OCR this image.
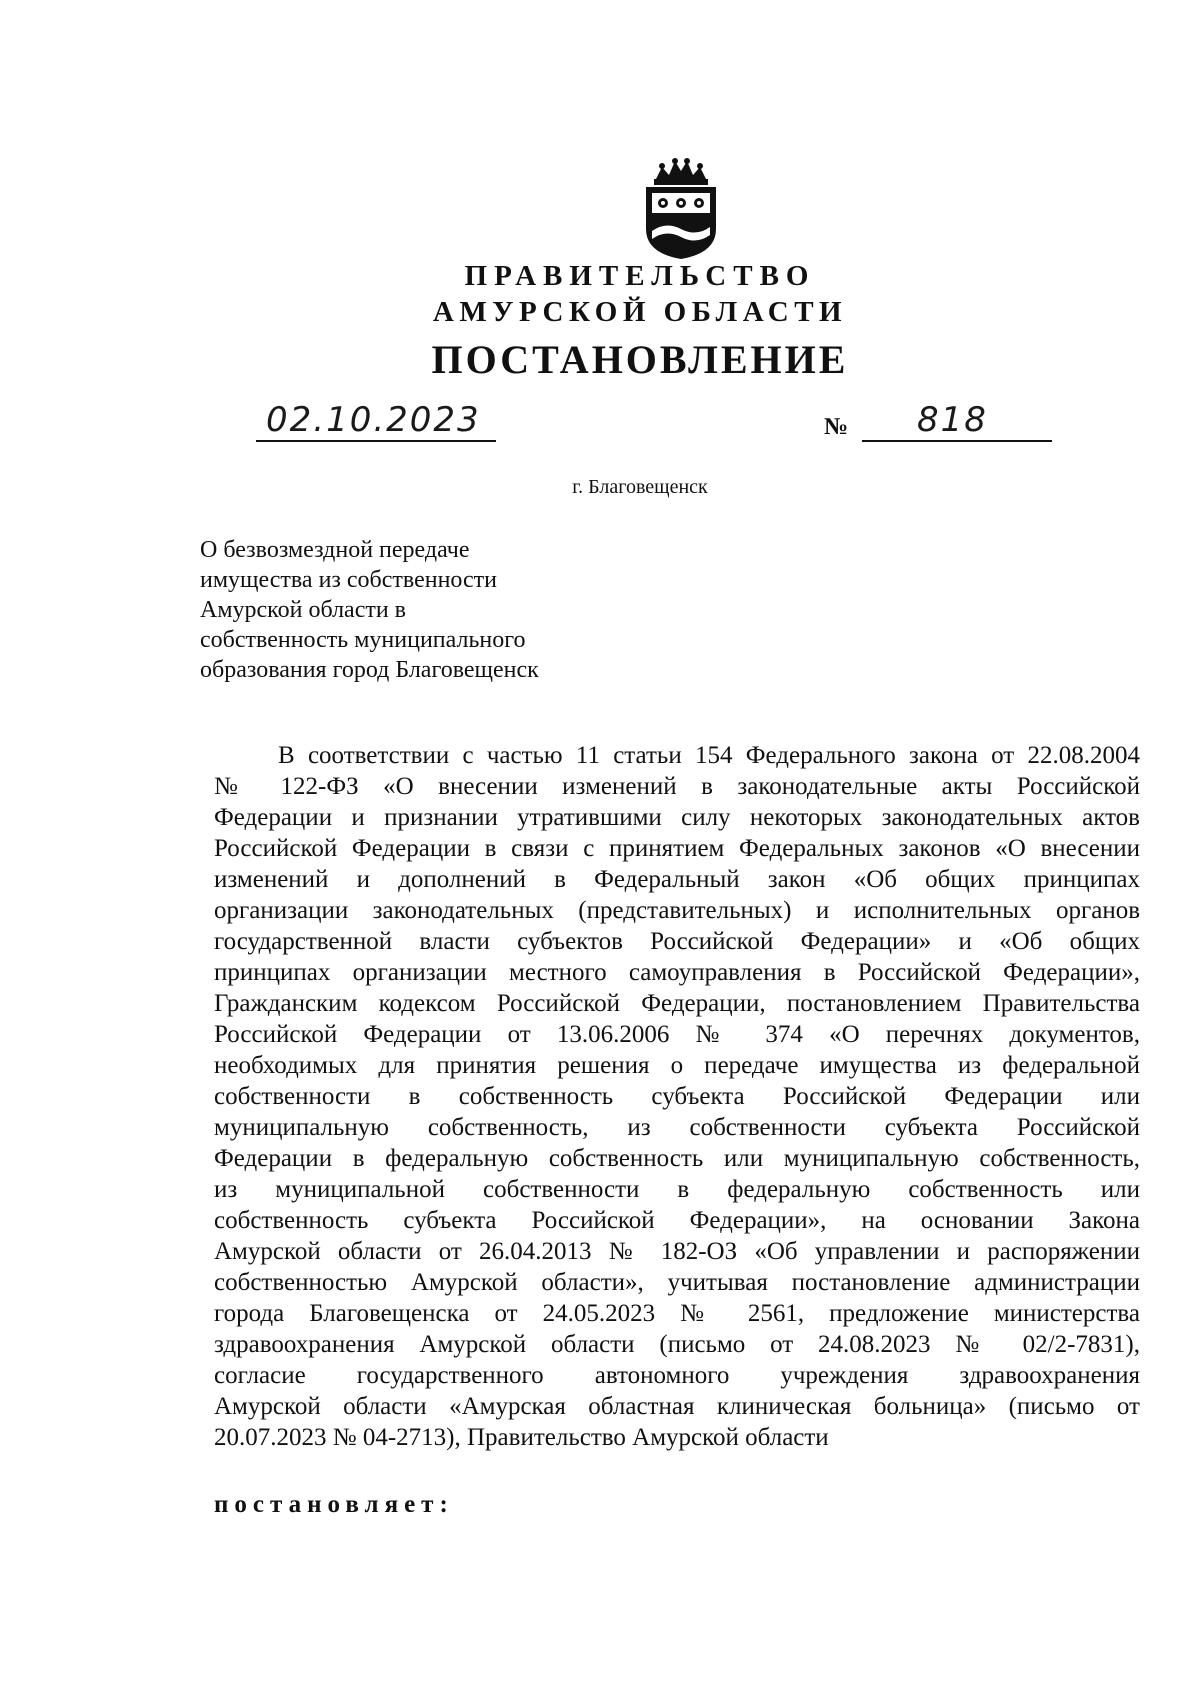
ПРАВИТЕЛЬСТВО
АМУРСКОЙ ОБЛАСТИ
ПОСТАНОВЛЕНИЕ
02.10.2023	№ 818
г. Благовещенск
О безвозмездной передаче
имущества из собственности
Амурской области в
собственность муниципального
образования город Благовещенск
В соответствии с частью 11 статьи 154 Федерального закона от 22.08.2004
№ 122-ФЗ «О внесении изменений в законодательные акты Российской
Федерации и признании утратившими силу некоторых законодательных актов
Российской Федерации в связи с принятием Федеральных законов «О внесении
изменений и дополнений в Федеральный закон «Об общих принципах
организации законодательных (представительных) и исполнительных органов
государственной власти субъектов Российской Федерации» и «Об общих
принципах организации местного самоуправления в Российской Федерации»,
Гражданским кодексом Российской Федерации, постановлением Правительства
Российской Федерации от 13.06.2006 № 374 «О перечнях документов,
необходимых для принятия решения о передаче имущества из федеральной
собственности в собственность субъекта Российской Федерации или
муниципальную собственность, из собственности субъекта Российской
Федерации в федеральную собственность или муниципальную собственность,
из муниципальной собственности в федеральную собственность или
собственность субъекта Российской Федерации», на основании Закона
Амурской области от 26.04.2013 № 182-ОЗ «Об управлении и распоряжении
собственностью Амурской области», учитывая постановление администрации
города Благовещенска от 24.05.2023 № 2561, предложение министерства
здравоохранения Амурской области (письмо от 24.08.2023 № 02/2-7831),
согласие государственного автономного учреждения здравоохранения
Амурской области «Амурская областная клиническая больница» (письмо от
20.07.2023 № 04-2713), Правительство Амурской области
постановляет:
